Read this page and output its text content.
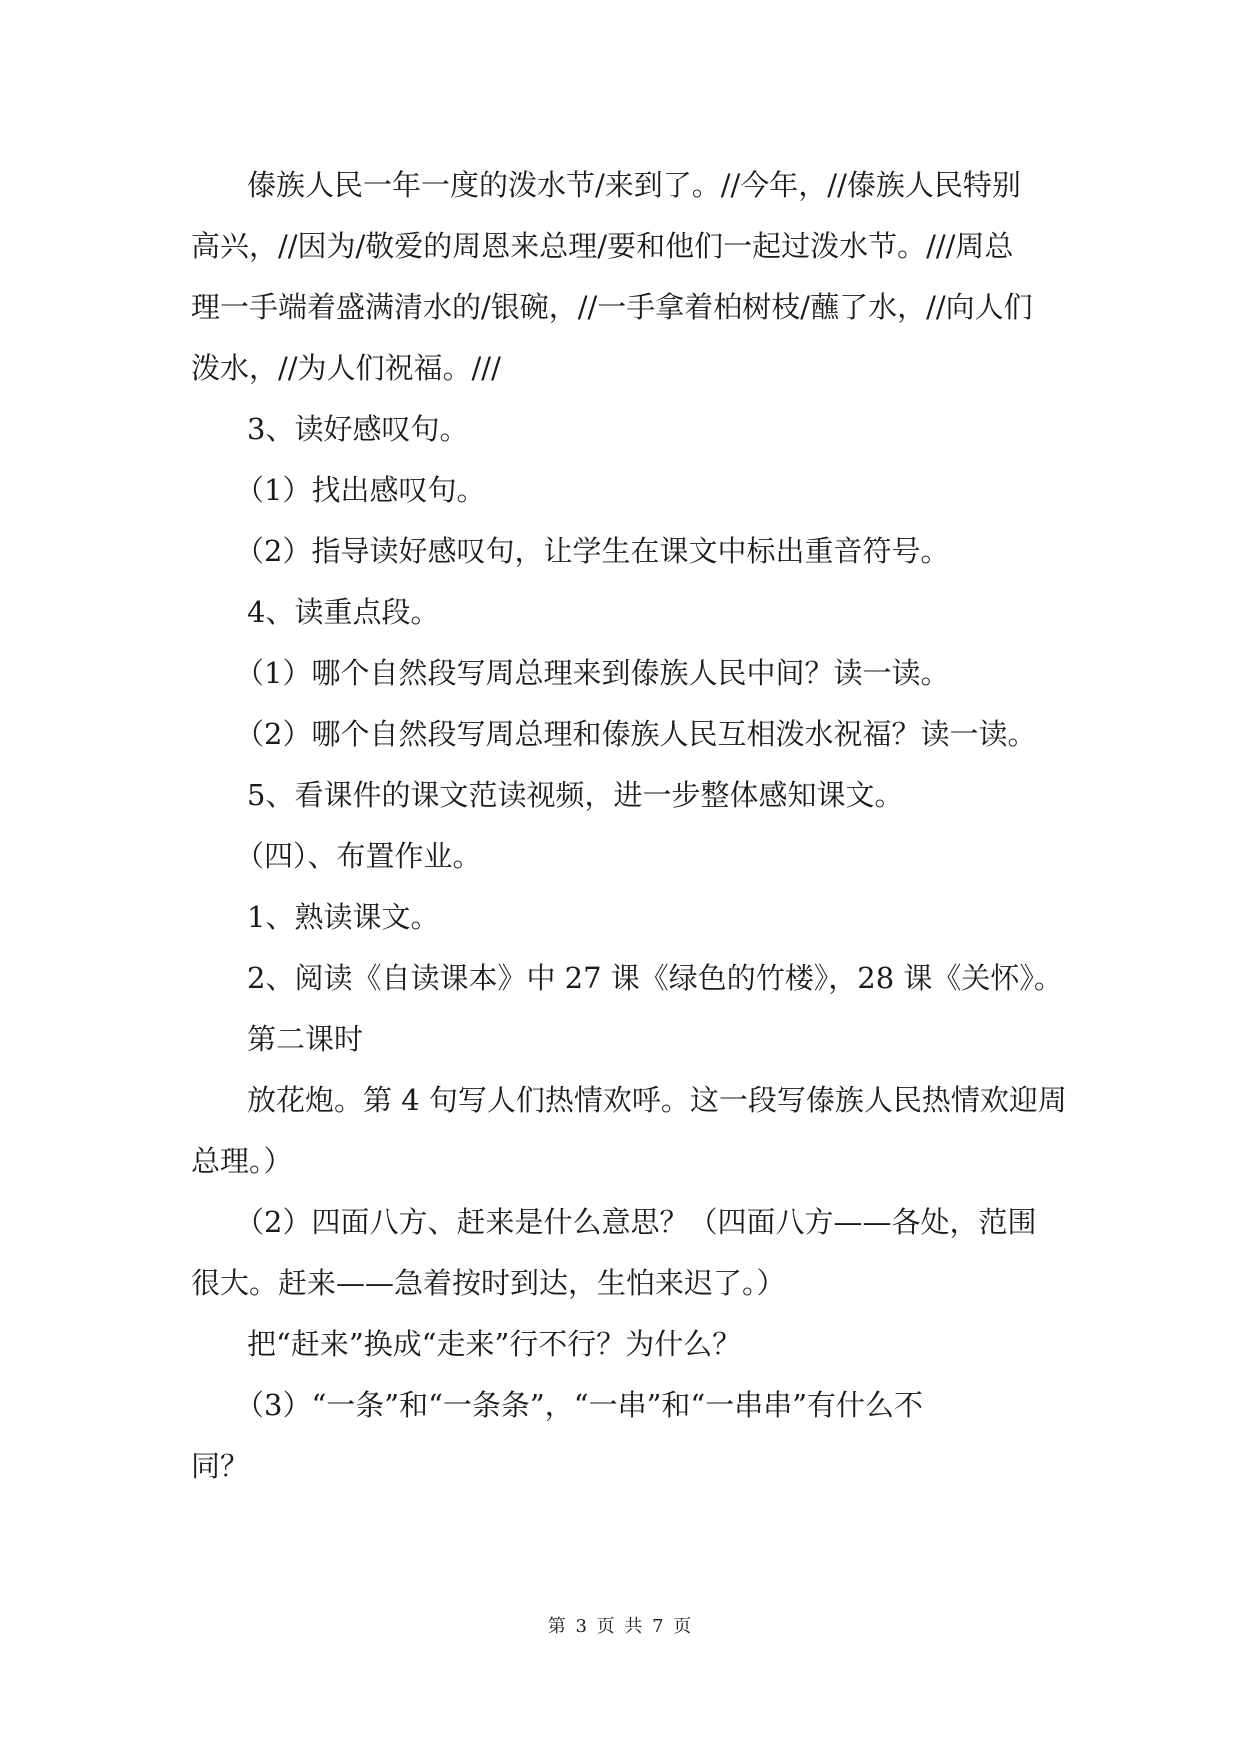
傣族人民一年一度的泼水节/来到了。//今年，//傣族人民特别
高兴，//因为/敬爱的周恩来总理/要和他们一起过泼水节。///周总
理一手端着盛满清水的/银碗，//一手拿着柏树枝/蘸了水，//向人们
泼水，//为人们祝福。///
3、读好感叹句。
（1）找出感叹句。
（2）指导读好感叹句，让学生在课文中标出重音符号。
4、读重点段。
（1）哪个自然段写周总理来到傣族人民中间？读一读。
（2）哪个自然段写周总理和傣族人民互相泼水祝福？读一读。
5、看课件的课文范读视频，进一步整体感知课文。
（四）、布置作业。
1、熟读课文。
2、阅读《自读课本》中 27 课《绿色的竹楼》，28 课《关怀》。
第二课时
放花炮。第 4 句写人们热情欢呼。这一段写傣族人民热情欢迎周
总理。）
（2）四面八方、赶来是什么意思？（四面八方——各处，范围
很大。赶来——急着按时到达，生怕来迟了。）
把“赶来”换成“走来”行不行？为什么？
（3）“一条”和“一条条”，“一串”和“一串串”有什么不
同？
第 3 页 共 7 页
